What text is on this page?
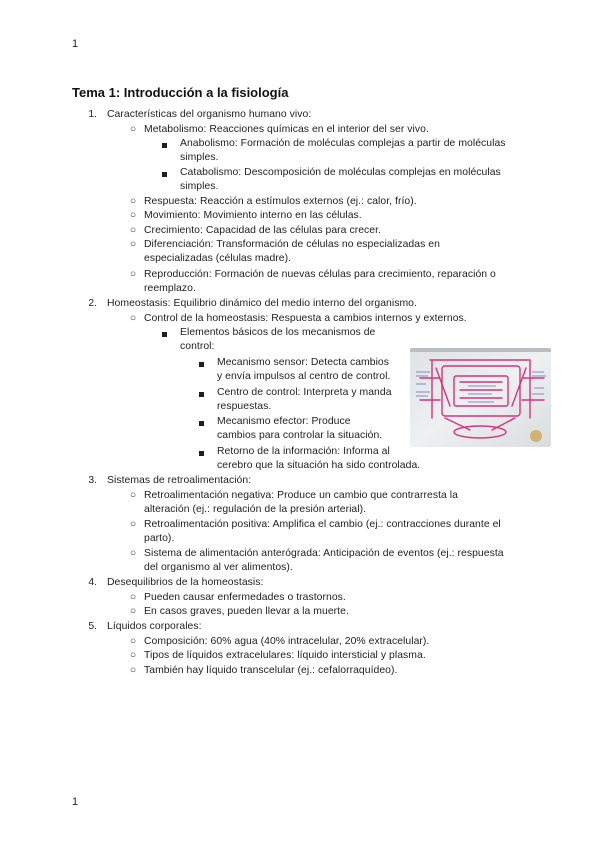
1
Tema 1: Introducción a la fisiología
1. Características del organismo humano vivo:
○ Metabolismo: Reacciones químicas en el interior del ser vivo.
Anabolismo: Formación de moléculas complejas a partir de moléculas
simples.
Catabolismo: Descomposición de moléculas complejas en moléculas
simples.
○ Respuesta: Reacción a estímulos externos (ej.: calor, frío).
○ Movimiento: Movimiento interno en las células.
○ Crecimiento: Capacidad de las células para crecer.
○ Diferenciación: Transformación de células no especializadas en
especializadas (células madre).
○ Reproducción: Formación de nuevas células para crecimiento, reparación o
reemplazo.
2. Homeostasis: Equilibrio dinámico del medio interno del organismo.
○ Control de la homeostasis: Respuesta a cambios internos y externos.
Elementos básicos de los mecanismos de
control:
Mecanismo sensor: Detecta cambios
y envía impulsos al centro de control.
Centro de control: Interpreta y manda
respuestas.
Mecanismo efector: Produce
cambios para controlar la situación.
Retorno de la información: Informa al
cerebro que la situación ha sido controlada.
3. Sistemas de retroalimentación:
○ Retroalimentación negativa: Produce un cambio que contrarresta la
alteración (ej.: regulación de la presión arterial).
○ Retroalimentación positiva: Amplifica el cambio (ej.: contracciones durante el
parto).
○ Sistema de alimentación anterógrada: Anticipación de eventos (ej.: respuesta
del organismo al ver alimentos).
4. Desequilibrios de la homeostasis:
○ Pueden causar enfermedades o trastornos.
○ En casos graves, pueden llevar a la muerte.
5. Líquidos corporales:
○ Composición: 60% agua (40% intracelular, 20% extracelular).
○ Tipos de líquidos extracelulares: líquido intersticial y plasma.
○ También hay líquido transcelular (ej.: cefalorraquídeo).
1
